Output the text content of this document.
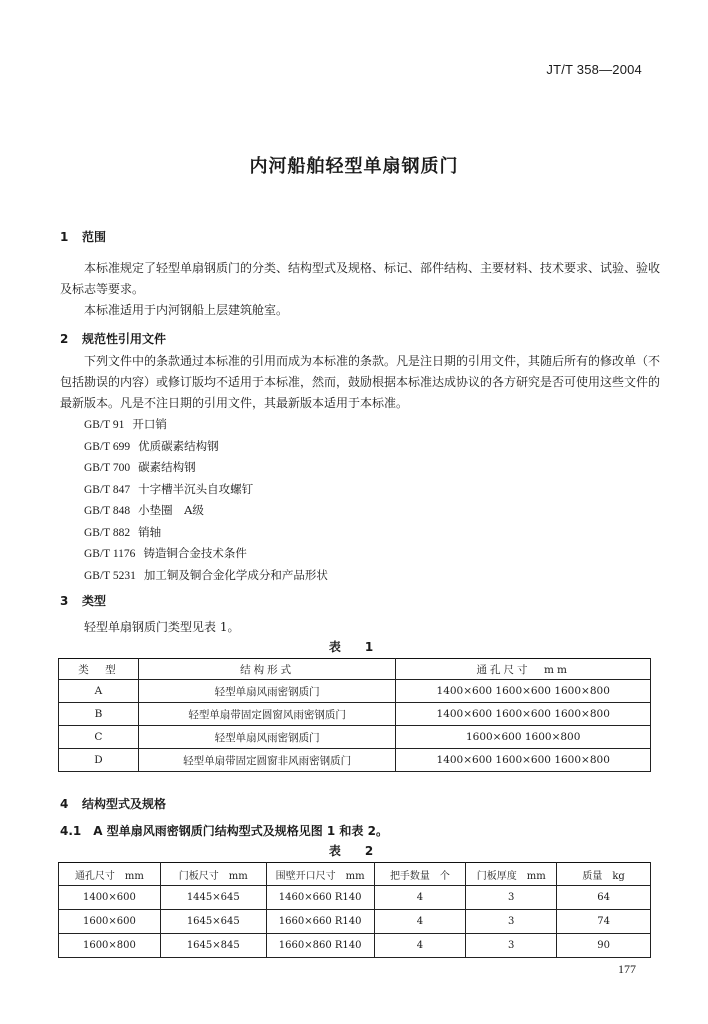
JT/T 358—2004
内河船舶轻型单扇钢质门
1 范围
本标准规定了轻型单扇钢质门的分类、结构型式及规格、标记、部件结构、主要材料、技术要求、试验、验收及标志等要求。
本标准适用于内河钢船上层建筑舱室。
2 规范性引用文件
下列文件中的条款通过本标准的引用而成为本标准的条款。凡是注日期的引用文件，其随后所有的修改单（不包括勘误的内容）或修订版均不适用于本标准，然而，鼓励根据本标准达成协议的各方研究是否可使用这些文件的最新版本。凡是不注日期的引用文件，其最新版本适用于本标准。
GB/T 91 开口销
GB/T 699 优质碳素结构钢
GB/T 700 碳素结构钢
GB/T 847 十字槽半沉头自攻螺钉
GB/T 848 小垫圈　A级
GB/T 882 销轴
GB/T 1176 铸造铜合金技术条件
GB/T 5231 加工铜及铜合金化学成分和产品形状
3 类型
轻型单扇钢质门类型见表 1。
表　1
类　型	结构形式	通孔尺寸　mm
A	轻型单扇风雨密钢质门	1400×600 1600×600 1600×800
B	轻型单扇带固定圆窗风雨密钢质门	1400×600 1600×600 1600×800
C	轻型单扇风雨密钢质门	1600×600 1600×800
D	轻型单扇带固定圆窗非风雨密钢质门	1400×600 1600×600 1600×800
4 结构型式及规格
4.1　A 型单扇风雨密钢质门结构型式及规格见图 1 和表 2。
表　2
通孔尺寸　mm	门板尺寸　mm	围壁开口尺寸　mm	把手数量　个	门板厚度　mm	质量　kg
1400×600	1445×645	1460×660 R140	4	3	64
1600×600	1645×645	1660×660 R140	4	3	74
1600×800	1645×845	1660×860 R140	4	3	90
177
